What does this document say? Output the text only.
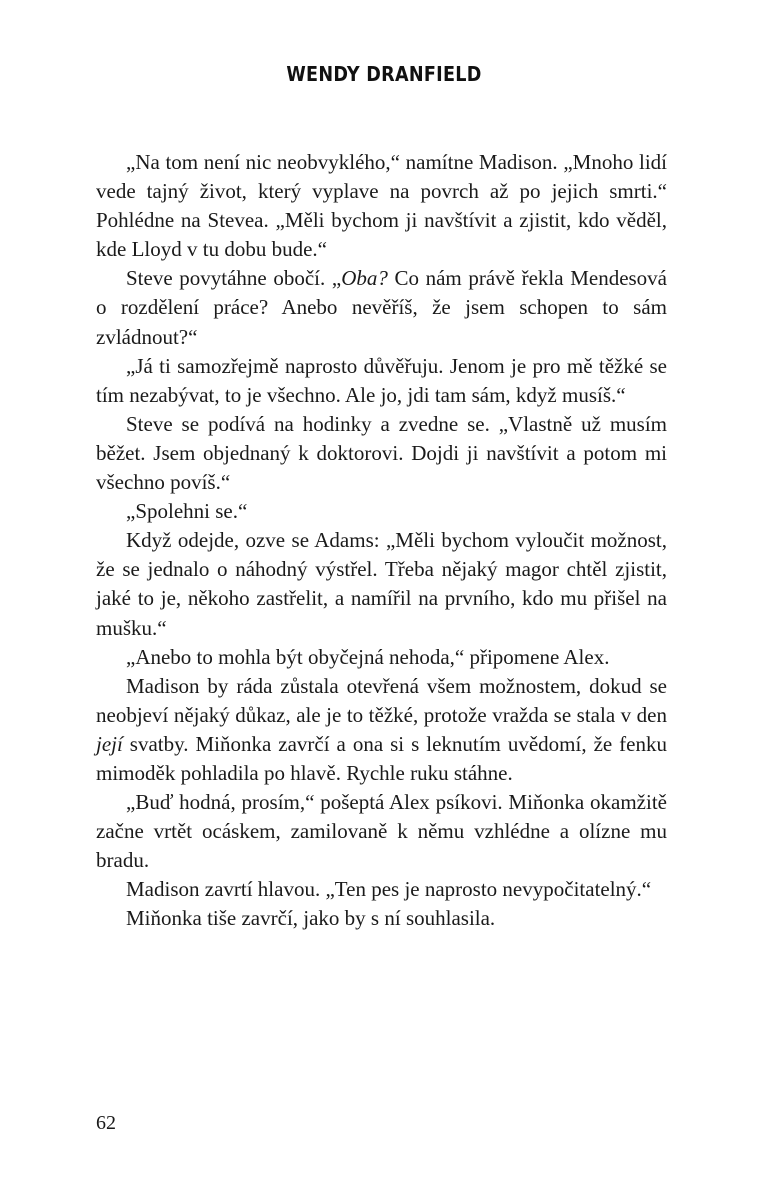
WENDY DRANFIELD

„Na tom není nic neobvyklého,“ namítne Madison. „Mnoho lidí vede tajný život, který vyplave na povrch až po jejich smrti.“ Pohlédne na Stevea. „Měli bychom ji navštívit a zjistit, kdo věděl, kde Lloyd v tu dobu bude.“

Steve povytáhne obočí. „Oba? Co nám právě řekla Mendesová o rozdělení práce? Anebo nevěříš, že jsem schopen to sám zvládnout?“

„Já ti samozřejmě naprosto důvěřuju. Jenom je pro mě těžké se tím nezabývat, to je všechno. Ale jo, jdi tam sám, když musíš.“

Steve se podívá na hodinky a zvedne se. „Vlastně už musím běžet. Jsem objednaný k doktorovi. Dojdi ji navštívit a potom mi všechno povíš.“

„Spolehni se.“

Když odejde, ozve se Adams: „Měli bychom vyloučit možnost, že se jednalo o náhodný výstřel. Třeba nějaký magor chtěl zjistit, jaké to je, někoho zastřelit, a namířil na prvního, kdo mu přišel na mušku.“

„Anebo to mohla být obyčejná nehoda,“ připomene Alex.

Madison by ráda zůstala otevřená všem možnostem, dokud se neobjeví nějaký důkaz, ale je to těžké, protože vražda se stala v den její svatby. Miňonka zavrčí a ona si s leknutím uvědomí, že fenku mimoděk pohladila po hlavě. Rychle ruku stáhne.

„Buď hodná, prosím,“ pošeptá Alex psíkovi. Miňonka okamžitě začne vrtět ocáskem, zamilovaně k němu vzhlédne a olízne mu bradu.

Madison zavrtí hlavou. „Ten pes je naprosto nevypočitatelný.“

Miňonka tiše zavrčí, jako by s ní souhlasila.

62
